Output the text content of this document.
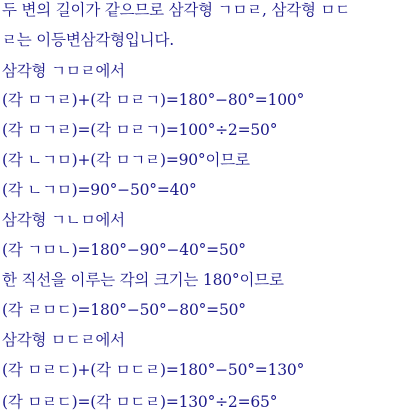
두 변의 길이가 같으므로 삼각형 ㄱㅁㄹ, 삼각형 ㅁㄷ
ㄹ는 이등변삼각형입니다.
삼각형 ㄱㅁㄹ에서
(각 ㅁㄱㄹ)+(각 ㅁㄹㄱ)=180°−80°=100°
(각 ㅁㄱㄹ)=(각 ㅁㄹㄱ)=100°÷2=50°
(각 ㄴㄱㅁ)+(각 ㅁㄱㄹ)=90°이므로
(각 ㄴㄱㅁ)=90°−50°=40°
삼각형 ㄱㄴㅁ에서
(각 ㄱㅁㄴ)=180°−90°−40°=50°
한 직선을 이루는 각의 크기는 180°이므로
(각 ㄹㅁㄷ)=180°−50°−80°=50°
삼각형 ㅁㄷㄹ에서
(각 ㅁㄹㄷ)+(각 ㅁㄷㄹ)=180°−50°=130°
(각 ㅁㄹㄷ)=(각 ㅁㄷㄹ)=130°÷2=65°
